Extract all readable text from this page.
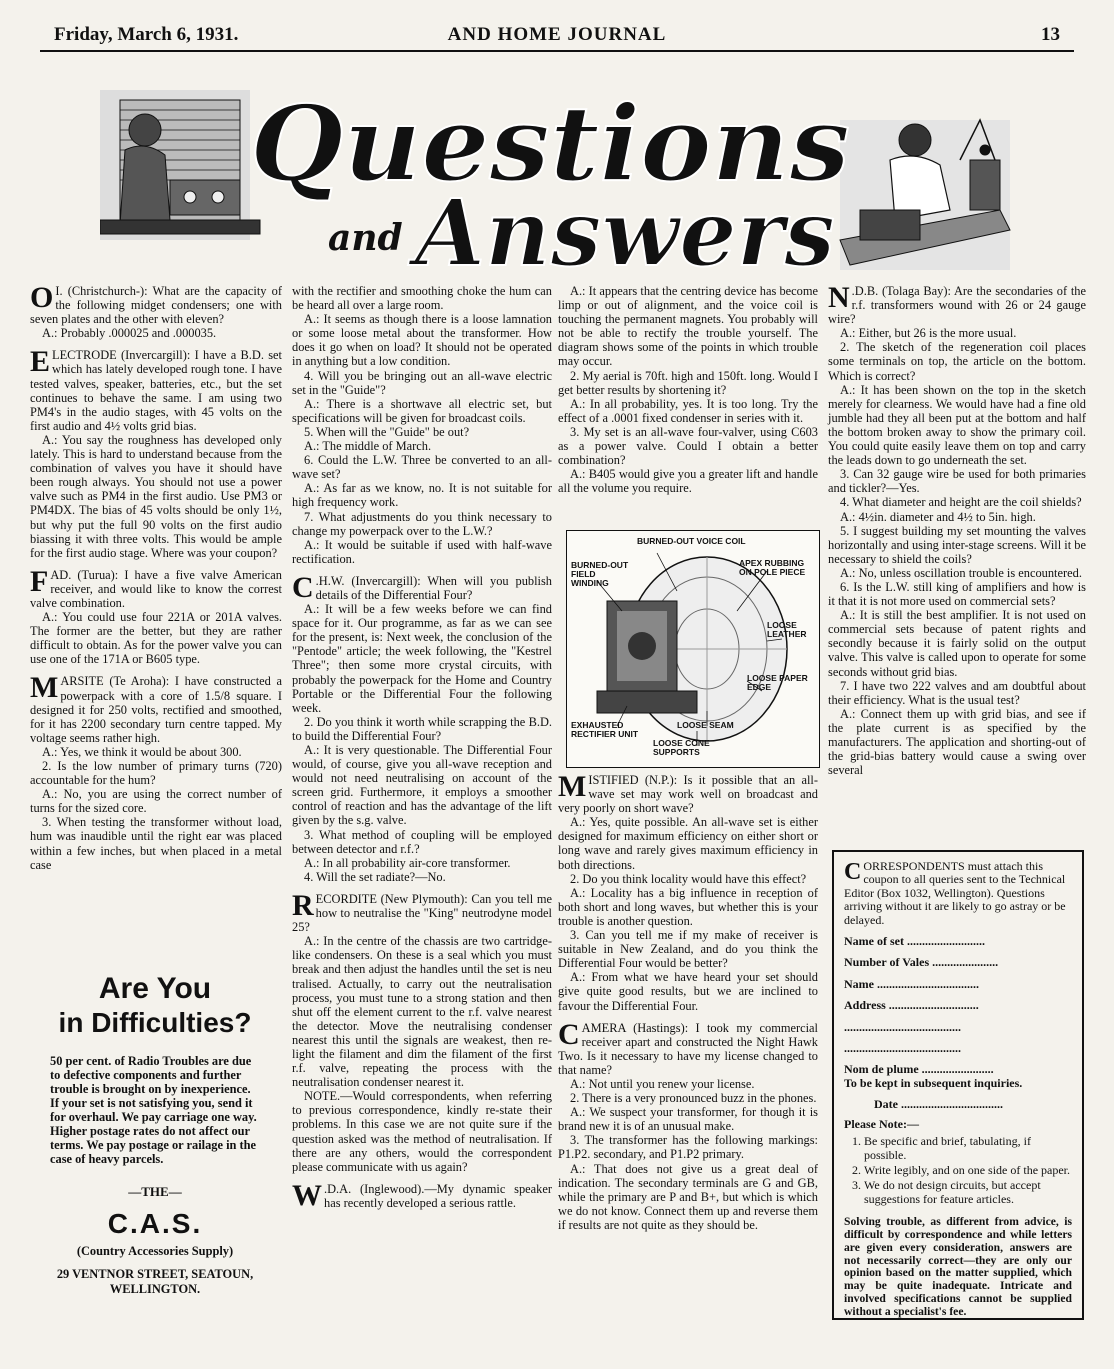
Friday, March 6, 1931.	AND HOME JOURNAL	13
Questions
and Answers

O I. (Christchurch-): What are the capacity of the following midget condensers; one with seven plates and the other with eleven?

A.: Probably .000025 and .000035.

ELECTRODE (Invercargill): I have a B.D. set which has lately developed rough tone. I have tested valves, speaker, batteries, etc., but the set continues to behave the same. I am using two PM4's in the audio stages, with 45 volts on the first audio and 4½ volts grid bias.

A.: You say the roughness has developed only lately. This is hard to understand because from the combination of valves you have it should have been rough always. You should not use a power valve such as PM4 in the first audio. Use PM3 or PM4DX. The bias of 45 volts should be only 1½, but why put the full 90 volts on the first audio biassing it with three volts. This would be ample for the first audio stage. Where was your coupon?

FAD. (Turua): I have a five valve American receiver, and would like to know the correst valve combination.

A.: You could use four 221A or 201A valves. The former are the better, but they are rather difficult to obtain. As for the power valve you can use one of the 171A or B605 type.

MARSITE (Te Aroha): I have constructed a powerpack with a core of 1.5/8 square. I designed it for 250 volts, rectified and smoothed, for it has 2200 secondary turn centre tapped. My voltage seems rather high.

A.: Yes, we think it would be about 300.

2. Is the low number of primary turns (720) accountable for the hum?

A.: No, you are using the correct number of turns for the sized core.

3. When testing the transformer without load, hum was inaudible until the right ear was placed within a few inches, but when placed in a metal case

with the rectifier and smoothing choke the hum can be heard all over a large room.

A.: It seems as though there is a loose lamnation or some loose metal about the transformer. How does it go when on load? It should not be operated in anything but a low condition.

4. Will you be bringing out an all-wave electric set in the "Guide"?

A.: There is a shortwave all electric set, but specifications will be given for broadcast coils.

5. When will the "Guide" be out?

A.: The middle of March.

6. Could the L.W. Three be converted to an all-wave set?

A.: As far as we know, no. It is not suitable for high frequency work.

7. What adjustments do you think necessary to change my powerpack over to the L.W.?

A.: It would be suitable if used with half-wave rectification.

C .H.W. (Invercargill): When will you publish details of the Differential Four?

A.: It will be a few weeks before we can find space for it. Our programme, as far as we can see for the present, is: Next week, the conclusion of the "Pentode" article; the week following, the "Kestrel Three"; then some more crystal circuits, with probably the powerpack for the Home and Country Portable or the Differential Four the following week.

2. Do you think it worth while scrapping the B.D. to build the Differential Four?

A.: It is very questionable. The Differential Four would, of course, give you all-wave reception and would not need neutralising on account of the screen grid. Furthermore, it employs a smoother control of reaction and has the advantage of the lift given by the s.g. valve.

3. What method of coupling will be employed between detector and r.f.?

A.: In all probability air-core transformer.

4. Will the set radiate?—No.

RECORDITE (New Plymouth): Can you tell me how to neutralise the "King" neutrodyne model 25?

A.: In the centre of the chassis are two cartridge-like condensers. On these is a seal which you must break and then adjust the handles until the set is neu tralised. Actually, to carry out the neutralisation process, you must tune to a strong station and then shut off the element current to the r.f. valve nearest the detector. Move the neutralising condenser nearest this until the signals are weakest, then re-light the filament and dim the filament of the first r.f. valve, repeating the process with the neutralisation condenser nearest it.

NOTE.—Would correspondents, when referring to previous correspondence, kindly re-state their problems. In this case we are not quite sure if the question asked was the method of neutralisation. If there are any others, would the correspondent please communicate with us again?

W .D.A. (Inglewood).—My dynamic speaker has recently developed a serious rattle.

A.: It appears that the centring device has become limp or out of alignment, and the voice coil is touching the permanent magnets. You probably will not be able to rectify the trouble yourself. The diagram shows some of the points in which trouble may occur.

2. My aerial is 70ft. high and 150ft. long. Would I get better results by shortening it?

A.: In all probability, yes. It is too long. Try the effect of a .0001 fixed condenser in series with it.

3. My set is an all-wave four-valver, using C603 as a power valve. Could I obtain a better combination?

A.: B405 would give you a greater lift and handle all the volume you require.

MISTIFIED (N.P.): Is it possible that an all-wave set may work well on broadcast and very poorly on short wave?

A.: Yes, quite possible. An all-wave set is either designed for maximum efficiency on either short or long wave and rarely gives maximum efficiency in both directions.

2. Do you think locality would have this effect?

A.: Locality has a big influence in reception of both short and long waves, but whether this is your trouble is another question.

3. Can you tell me if my make of receiver is suitable in New Zealand, and do you think the Differential Four would be better?

A.: From what we have heard your set should give quite good results, but we are inclined to favour the Differential Four.

CAMERA (Hastings): I took my commercial receiver apart and constructed the Night Hawk Two. Is it necessary to have my license changed to that name?

A.: Not until you renew your license.

2. There is a very pronounced buzz in the phones.

A.: We suspect your transformer, for though it is brand new it is of an unusual make.

3. The transformer has the following markings: P1.P2. secondary, and P1.P2 primary.

A.: That does not give us a great deal of indication. The secondary terminals are G and GB, while the primary are P and B+, but which is which we do not know. Connect them up and reverse them if results are not quite as they should be.

N .D.B. (Tolaga Bay): Are the secondaries of the r.f. transformers wound with 26 or 24 gauge wire?

A.: Either, but 26 is the more usual.

2. The sketch of the regeneration coil places some terminals on top, the article on the bottom. Which is correct?

A.: It has been shown on the top in the sketch merely for clearness. We would have had a fine old jumble had they all been put at the bottom and half the bottom broken away to show the primary coil. You could quite easily leave them on top and carry the leads down to go underneath the set.

3. Can 32 gauge wire be used for both primaries and tickler?—Yes.

4. What diameter and height are the coil shields?

A.: 4½in. diameter and 4½ to 5in. high.

5. I suggest building my set mounting the valves horizontally and using inter-stage screens. Will it be necessary to shield the coils?

A.: No, unless oscillation trouble is encountered.

6. Is the L.W. still king of amplifiers and how is it that it is not more used on commercial sets?

A.: It is still the best amplifier. It is not used on commercial sets because of patent rights and secondly because it is fairly solid on the output valve. This valve is called upon to operate for some seconds without grid bias.

7. I have two 222 valves and am doubtful about their efficiency. What is the usual test?

A.: Connect them up with grid bias, and see if the plate current is as specified by the manufacturers. The application and shorting-out of the grid-bias battery would cause a swing over several

BURNED-OUT VOICE COIL
BURNED-OUT FIELD WINDING
APEX RUBBING ON POLE PIECE
LOOSE LEATHER
LOOSE PAPER EDGE
EXHAUSTED RECTIFIER UNIT
LOOSE SEAM
LOOSE CONE SUPPORTS
Are You
in Difficulties?
50 per cent. of Radio Troubles are due to defective components and further trouble is brought on by inexperience.
If your set is not satisfying you, send it for overhaul. We pay carriage one way.
Higher postage rates do not affect our terms. We pay postage or railage in the case of heavy parcels.
—THE—
C.A.S.
(Country Accessories Supply)
29 VENTNOR STREET, SEATOUN,
WELLINGTON.
CORRESPONDENTS must attach this coupon to all queries sent to the Technical Editor (Box 1032, Wellington). Questions arriving without it are likely to go astray or be delayed.
Name of set ..........................
Number of Vales ......................
Name ..................................
Address ..............................
.......................................
.......................................
Nom de plume ........................
To be kept in subsequent inquiries.
Date ..................................
Please Note:—
1. Be specific and brief, tabulating, if possible.
2. Write legibly, and on one side of the paper.
3. We do not design circuits, but accept suggestions for feature articles.
Solving trouble, as different from advice, is difficult by correspondence and while letters are given every consideration, answers are not necessarily correct—they are only our opinion based on the matter supplied, which may be quite inadequate. Intricate and involved specifications cannot be supplied without a specialist's fee.
